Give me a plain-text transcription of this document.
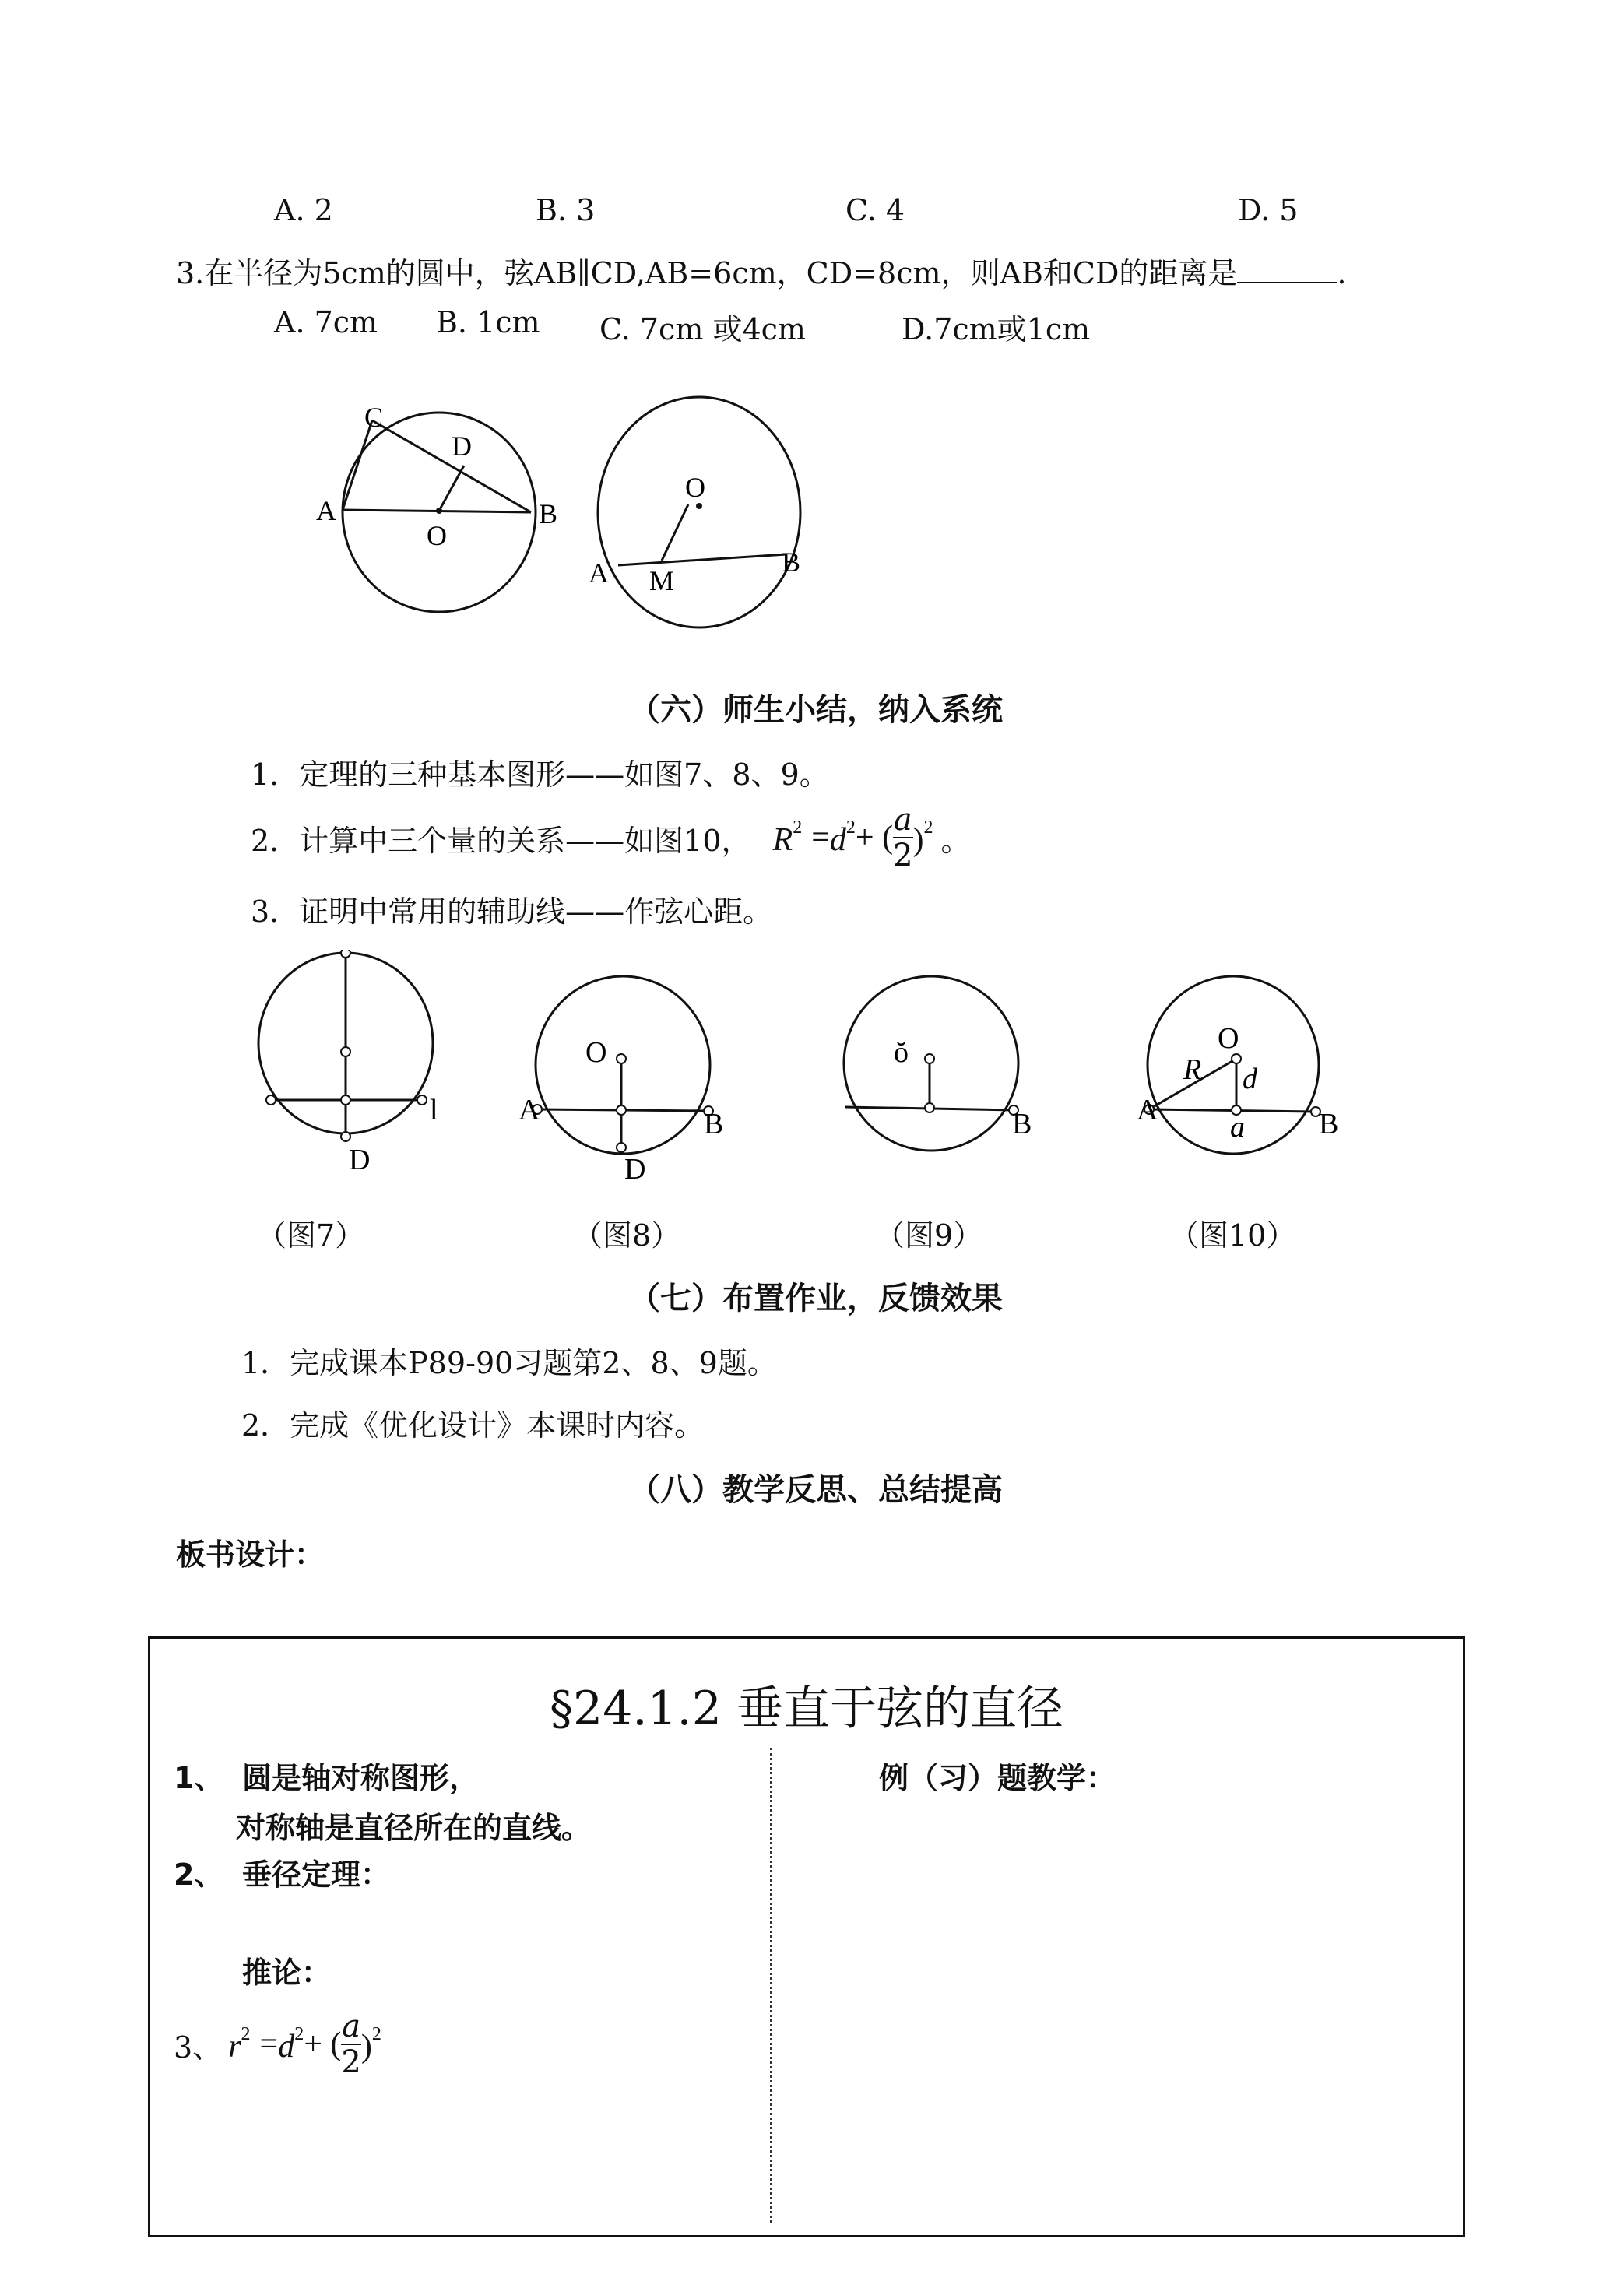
A. 2	B. 3	C. 4	D. 5
3.在半径为5cm的圆中，弦AB∥CD,AB=6cm，CD=8cm，则AB和CD的距离是	.
A. 7cm B. 1cm C. 7cm 或4cm	D.7cm或1cm
C
D
A	B
O
O
A M
B
（六）师生小结，纳入系统
1．定理的三种基本图形——如图7、8、9。
2．计算中三个量的关系——如图10， $R^2 = d^2$ + ( $\frac{a}{2} )^2$ 。
3．证明中常用的辅助线——作弦心距。
D
l
O
A	B
D
ŏ
B
O
R d
A
a	B
（图7）	（图8）	（图9）	（图10）
（七）布置作业，反馈效果
1．完成课本P89-90习题第2、8、9题。
2．完成《优化设计》本课时内容。
（八）教学反思、总结提高
板书设计：
§24.1.2 垂直于弦的直径
1、 圆是轴对称图形，
对称轴是直径所在的直线。
2、 垂径定理：
推论：
3、 $r^2 = d^2$ + ( $\frac{a}{2} )^2$
例（习）题教学：
